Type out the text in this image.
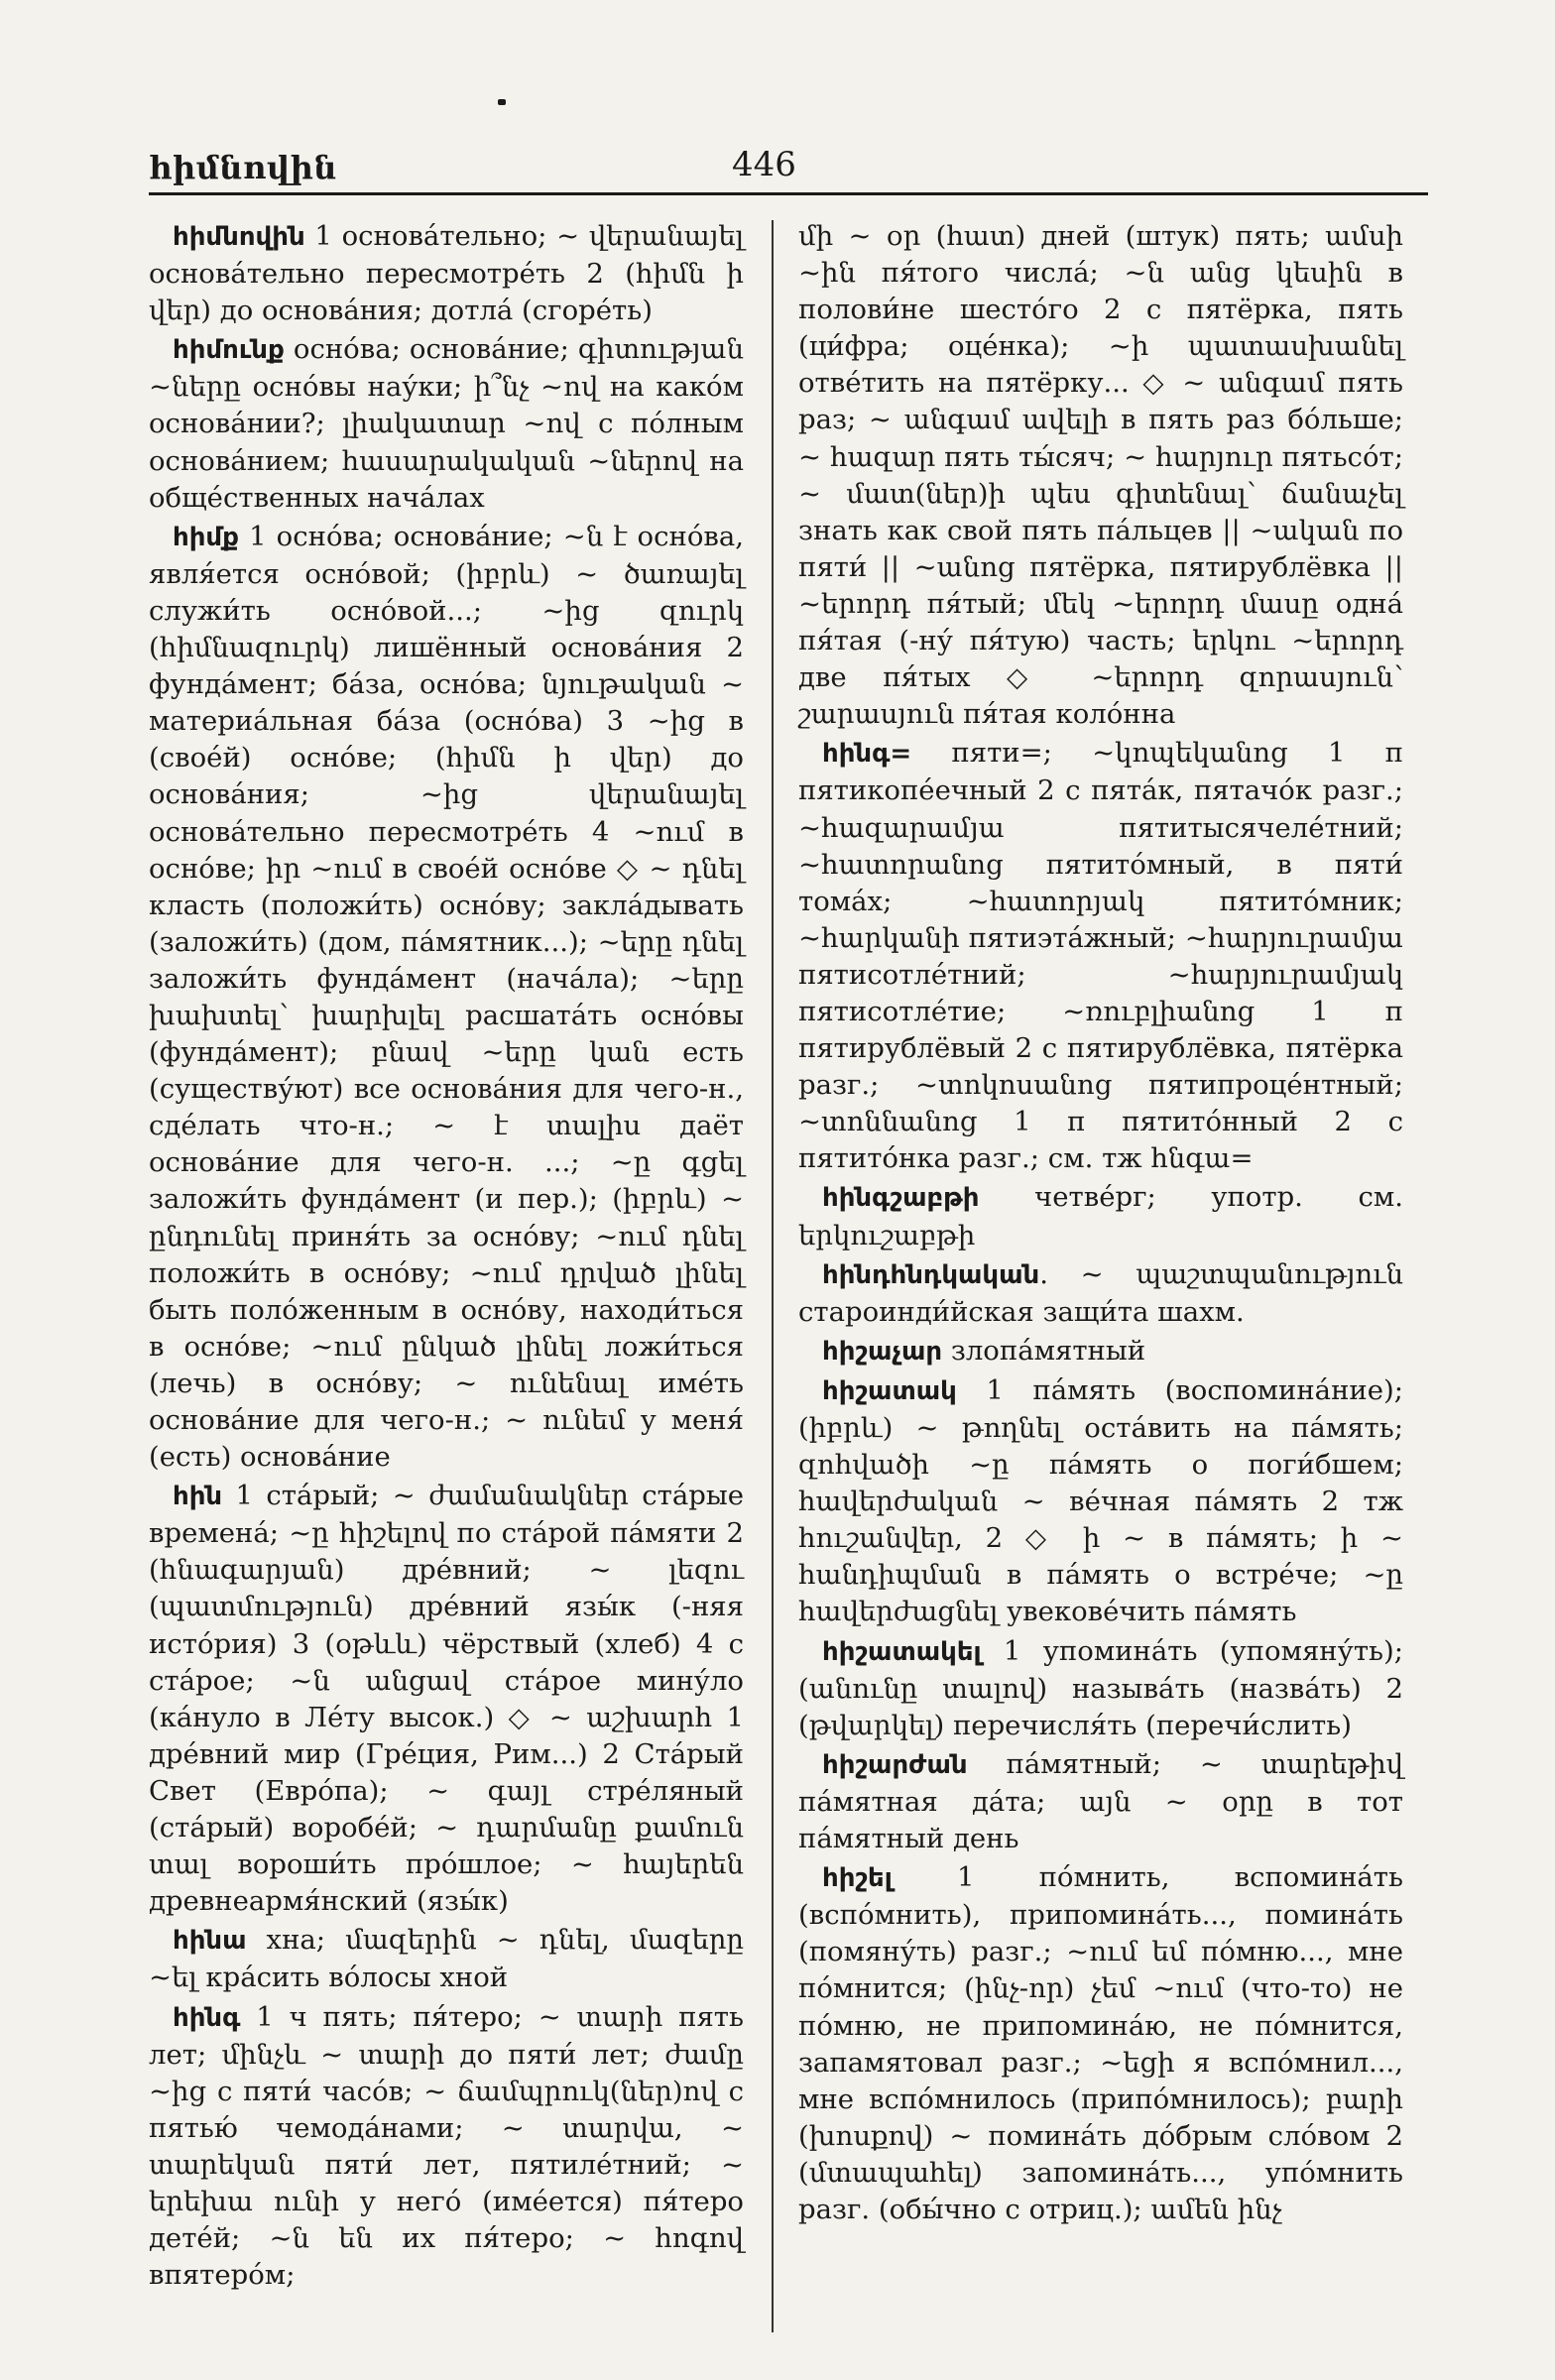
հիմնովին	446

հիմնովին 1 основа́тельно; ~ վերանայել основа́тельно пересмотре́ть 2 (հիմն ի վեր) до основа́ния; дотла́ (сгоре́ть)

հիմունք осно́ва; основа́ние; գիտության ~ները осно́вы нау́ки; ի՞նչ ~ով на како́м основа́нии?; լիակատար ~ով с по́лным основа́нием; հասարակական ~ներով на обще́ственных нача́лах

հիմք 1 осно́ва; основа́ние; ~ն է осно́ва, явля́ется осно́вой; (իբրև) ~ ծառայել служи́ть осно́вой...; ~ից զուրկ (հիմնազուրկ) лишённый основа́ния 2 фунда́мент; ба́за, осно́ва; նյութական ~ материа́льная ба́за (осно́ва) 3 ~ից в (свое́й) осно́ве; (հիմն ի վեր) до основа́ния; ~ից վերանայել основа́тельно пересмотре́ть 4 ~ում в осно́ве; իր ~ում в свое́й осно́ве ◇ ~ դնել класть (положи́ть) осно́ву; закла́дывать (заложи́ть) (дом, па́мятник...); ~երը դնել заложи́ть фунда́мент (нача́ла); ~երը խախտել՝ խարխլել расшата́ть осно́вы (фунда́мент); բնավ ~երը կան есть (существу́ют) все основа́ния для чего-н., сде́лать что-н.; ~ է տալիս даёт основа́ние для чего-н. ...; ~ը գցել заложи́ть фунда́мент (и пер.); (իբրև) ~ ընդունել приня́ть за осно́ву; ~ում դնել положи́ть в осно́ву; ~ում դրված լինել быть поло́женным в осно́ву, находи́ться в осно́ве; ~ում ընկած լինել ложи́ться (лечь) в осно́ву; ~ ունենալ име́ть основа́ние для чего-н.; ~ ունեմ у меня́ (есть) основа́ние

հին 1 ста́рый; ~ ժամանակներ ста́рые времена́; ~ը հիշելով по ста́рой па́мяти 2 (հնագարյան) дре́вний; ~ լեզու (պատմություն) дре́вний язы́к (-няя исто́рия) 3 (օթևև) чёрствый (хлеб) 4 с ста́рое; ~ն անցավ ста́рое мину́ло (ка́нуло в Ле́ту высок.) ◇ ~ աշխարհ 1 дре́вний мир (Гре́ция, Рим...) 2 Ста́рый Свет (Евро́па); ~ գայլ стре́ляный (ста́рый) воробе́й; ~ դարմանը քամուն տալ вороши́ть про́шлое; ~ հայերեն древнеармя́нский (язы́к)

հինա хна; մազերին ~ դնել, մազերը ~ել кра́сить во́лосы хной

հինգ 1 ч пять; пя́теро; ~ տարի пять лет; մինչև ~ տարի до пяти́ лет; ժամը ~ից с пяти́ часо́в; ~ ճամպրուկ(ներ)ով с пятью́ чемода́нами; ~ տարվա, ~ տարեկան пяти́ лет, пятиле́тний; ~ երեխա ունի у него́ (име́ется) пя́теро дете́й; ~ն են их пя́теро; ~ հոգով впятеро́м;

մի ~ օր (հատ) дней (штук) пять; ամսի ~ին пя́того числа́; ~ն անց կեսին в полови́не шесто́го 2 с пятёрка, пять (ци́фра; оце́нка); ~ի պատասխանել отве́тить на пятёрку... ◇ ~ անգամ пять раз; ~ անգամ ավելի в пять раз бо́льше; ~ հազար пять ты́сяч; ~ հարյուր пятьсо́т; ~ մատ(ներ)ի պես գիտենալ՝ ճանաչել знать как свой пять па́льцев || ~ական по пяти́ || ~անոց пятёрка, пятирублёвка || ~երորդ пя́тый; մեկ ~երորդ մասը одна́ пя́тая (-ну́ пя́тую) часть; երկու ~երորդ две пя́тых ◇ ~երորդ զորասյուն՝ շարասյուն пя́тая коло́нна

հինգ= пяти=; ~կոպեկանոց 1 п пятикопе́ечный 2 с пята́к, пятачо́к разг.; ~հազարամյա пятитысячеле́тний; ~հատորանոց пятито́мный, в пяти́ тома́х; ~հատորյակ пятито́мник; ~հարկանի пятиэта́жный; ~հարյուրամյա пятисотле́тний; ~հարյուրամյակ пятисотле́тие; ~ռուբլիանոց 1 п пятирублёвый 2 с пятирублёвка, пятёрка разг.; ~տոկոսանոց пятипроце́нтный; ~տոննանոց 1 п пятито́нный 2 с пятито́нка разг.; см. тж հնգա=

հինգշաբթի четве́рг; употр. см. երկուշաբթի

հինդհնդկական. ~ պաշտպանություն староинди́йская защи́та шахм.

հիշաչար злопа́мятный

հիշատակ 1 па́мять (воспомина́ние); (իբրև) ~ թողնել оста́вить на па́мять; զոհվածի ~ը па́мять о поги́бшем; հավերժական ~ ве́чная па́мять 2 тж հուշանվեր, 2 ◇ ի ~ в па́мять; ի ~ հանդիպման в па́мять о встре́че; ~ը հավերժացնել увекове́чить па́мять

հիշատակել 1 упомина́ть (упомяну́ть); (անունը տալով) называ́ть (назва́ть) 2 (թվարկել) перечисля́ть (перечи́слить)

հիշարժան па́мятный; ~ տարեթիվ па́мятная да́та; այն ~ օրը в тот па́мятный день

հիշել 1 по́мнить, вспомина́ть (вспо́мнить), припомина́ть..., помина́ть (помяну́ть) разг.; ~ում եմ по́мню..., мне по́мнится; (ինչ-որ) չեմ ~ում (что-то) не по́мню, не припомина́ю, не по́мнится, запамятовал разг.; ~եցի я вспо́мнил..., мне вспо́мнилось (припо́мнилось); բարի (խոսքով) ~ помина́ть до́брым сло́вом 2 (մտապահել) запомина́ть..., упо́мнить разг. (обы́чно с отриц.); ամեն ինչ
